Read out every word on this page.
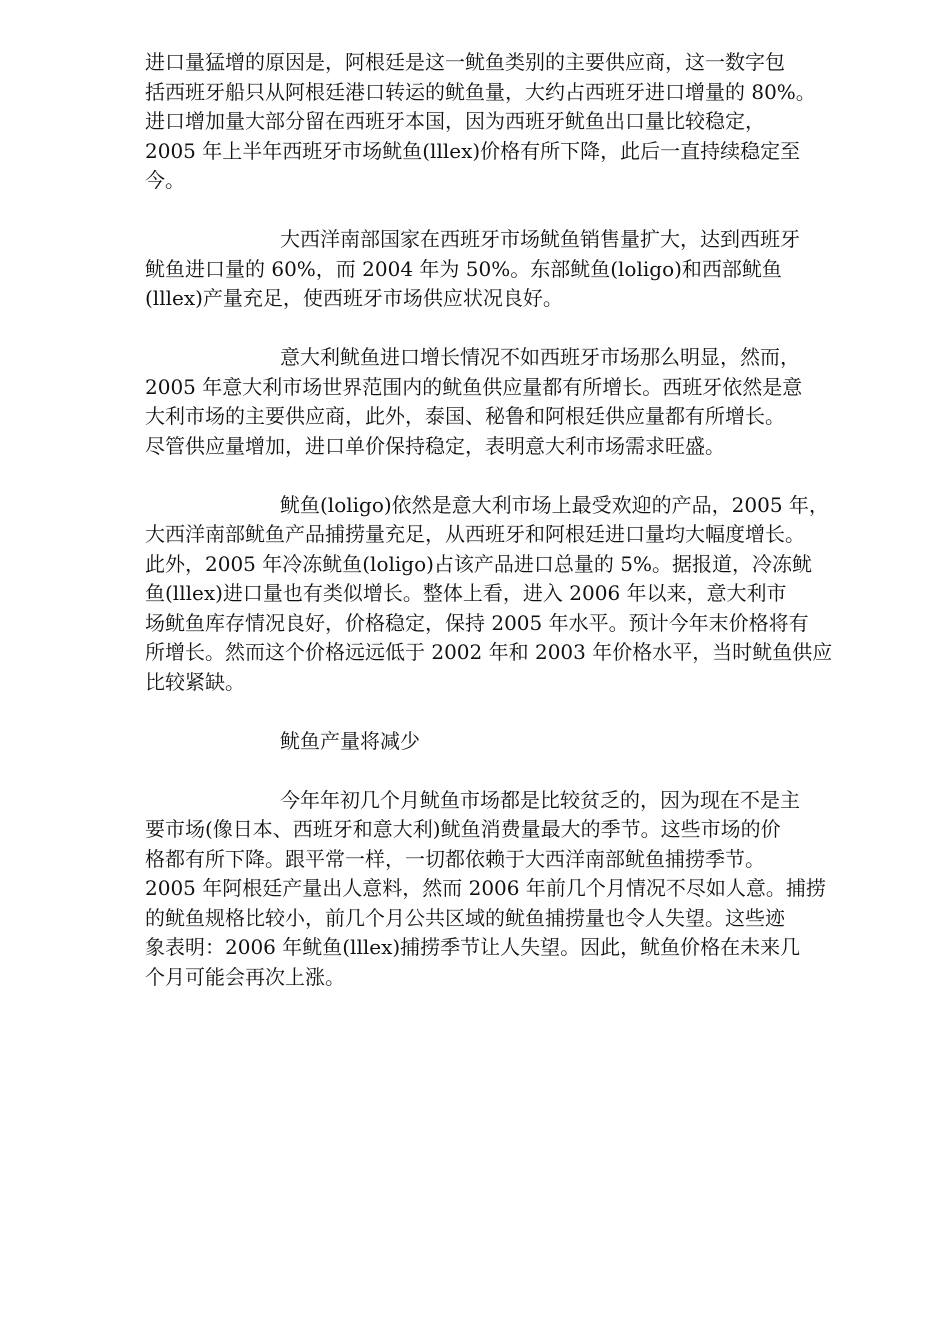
进口量猛增的原因是，阿根廷是这一鱿鱼类别的主要供应商，这一数字包
括西班牙船只从阿根廷港口转运的鱿鱼量，大约占西班牙进口增量的 80%。
进口增加量大部分留在西班牙本国，因为西班牙鱿鱼出口量比较稳定，
2005 年上半年西班牙市场鱿鱼(lllex)价格有所下降，此后一直持续稳定至
今。
大西洋南部国家在西班牙市场鱿鱼销售量扩大，达到西班牙
鱿鱼进口量的 60%，而 2004 年为 50%。东部鱿鱼(loligo)和西部鱿鱼
(lllex)产量充足，使西班牙市场供应状况良好。
意大利鱿鱼进口增长情况不如西班牙市场那么明显，然而，
2005 年意大利市场世界范围内的鱿鱼供应量都有所增长。西班牙依然是意
大利市场的主要供应商，此外，泰国、秘鲁和阿根廷供应量都有所增长。
尽管供应量增加，进口单价保持稳定，表明意大利市场需求旺盛。
鱿鱼(loligo)依然是意大利市场上最受欢迎的产品，2005 年，
大西洋南部鱿鱼产品捕捞量充足，从西班牙和阿根廷进口量均大幅度增长。
此外，2005 年冷冻鱿鱼(loligo)占该产品进口总量的 5%。据报道，冷冻鱿
鱼(lllex)进口量也有类似增长。整体上看，进入 2006 年以来，意大利市
场鱿鱼库存情况良好，价格稳定，保持 2005 年水平。预计今年末价格将有
所增长。然而这个价格远远低于 2002 年和 2003 年价格水平，当时鱿鱼供应
比较紧缺。
鱿鱼产量将减少
今年年初几个月鱿鱼市场都是比较贫乏的，因为现在不是主
要市场(像日本、西班牙和意大利)鱿鱼消费量最大的季节。这些市场的价
格都有所下降。跟平常一样，一切都依赖于大西洋南部鱿鱼捕捞季节。
2005 年阿根廷产量出人意料，然而 2006 年前几个月情况不尽如人意。捕捞
的鱿鱼规格比较小，前几个月公共区域的鱿鱼捕捞量也令人失望。这些迹
象表明：2006 年鱿鱼(lllex)捕捞季节让人失望。因此，鱿鱼价格在未来几
个月可能会再次上涨。
